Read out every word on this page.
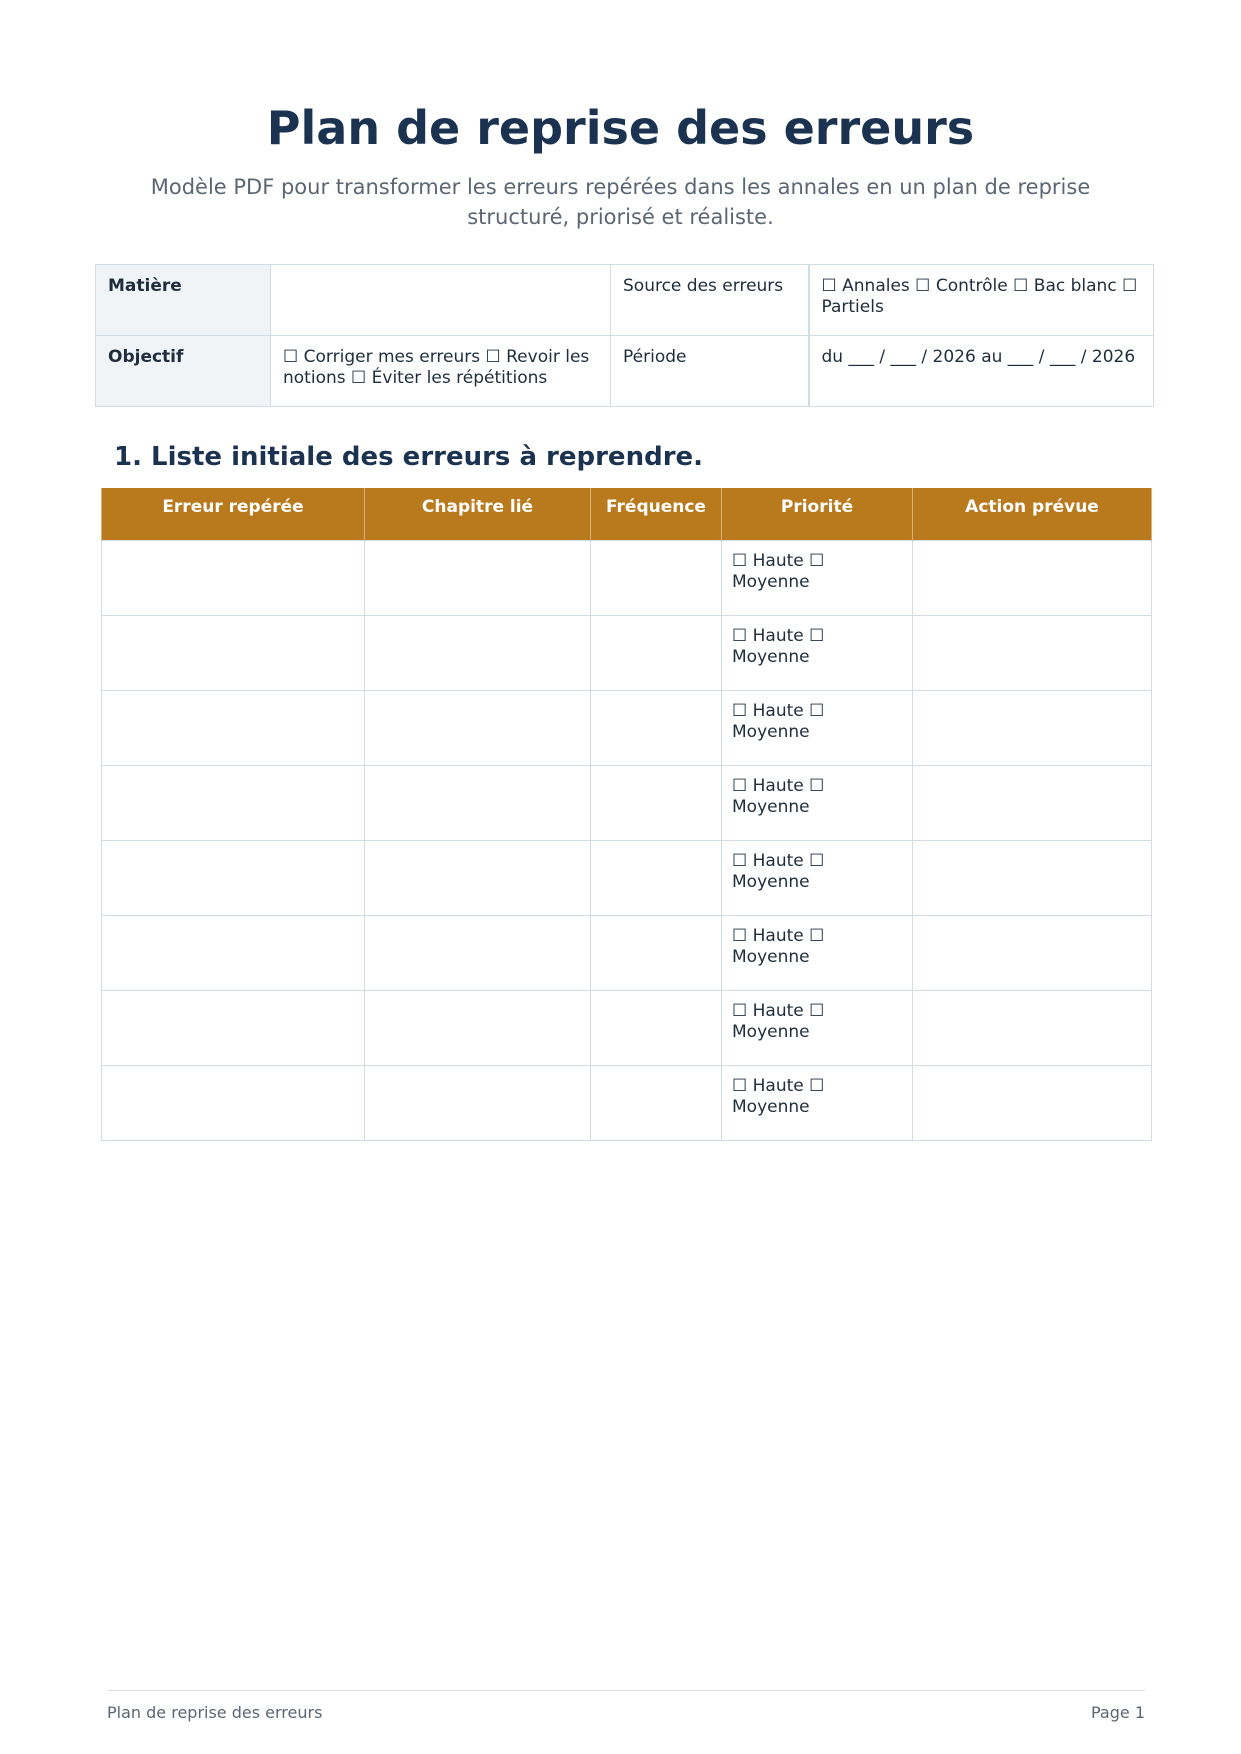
Plan de reprise des erreurs

Modèle PDF pour transformer les erreurs repérées dans les annales en un plan de reprise structuré, priorisé et réaliste.

Matière		Source des erreurs	☐ Annales ☐ Contrôle ☐ Bac blanc ☐ Partiels
Objectif	☐ Corriger mes erreurs ☐ Revoir les notions ☐ Éviter les répétitions	Période	du ___ / ___ / 2026 au ___ / ___ / 2026
1. Liste initiale des erreurs à reprendre.
Erreur repérée	Chapitre lié	Fréquence	Priorité	Action prévue
			☐ Haute ☐ Moyenne	
			☐ Haute ☐ Moyenne	
			☐ Haute ☐ Moyenne	
			☐ Haute ☐ Moyenne	
			☐ Haute ☐ Moyenne	
			☐ Haute ☐ Moyenne	
			☐ Haute ☐ Moyenne	
			☐ Haute ☐ Moyenne	
Plan de reprise des erreurs	Page 1
